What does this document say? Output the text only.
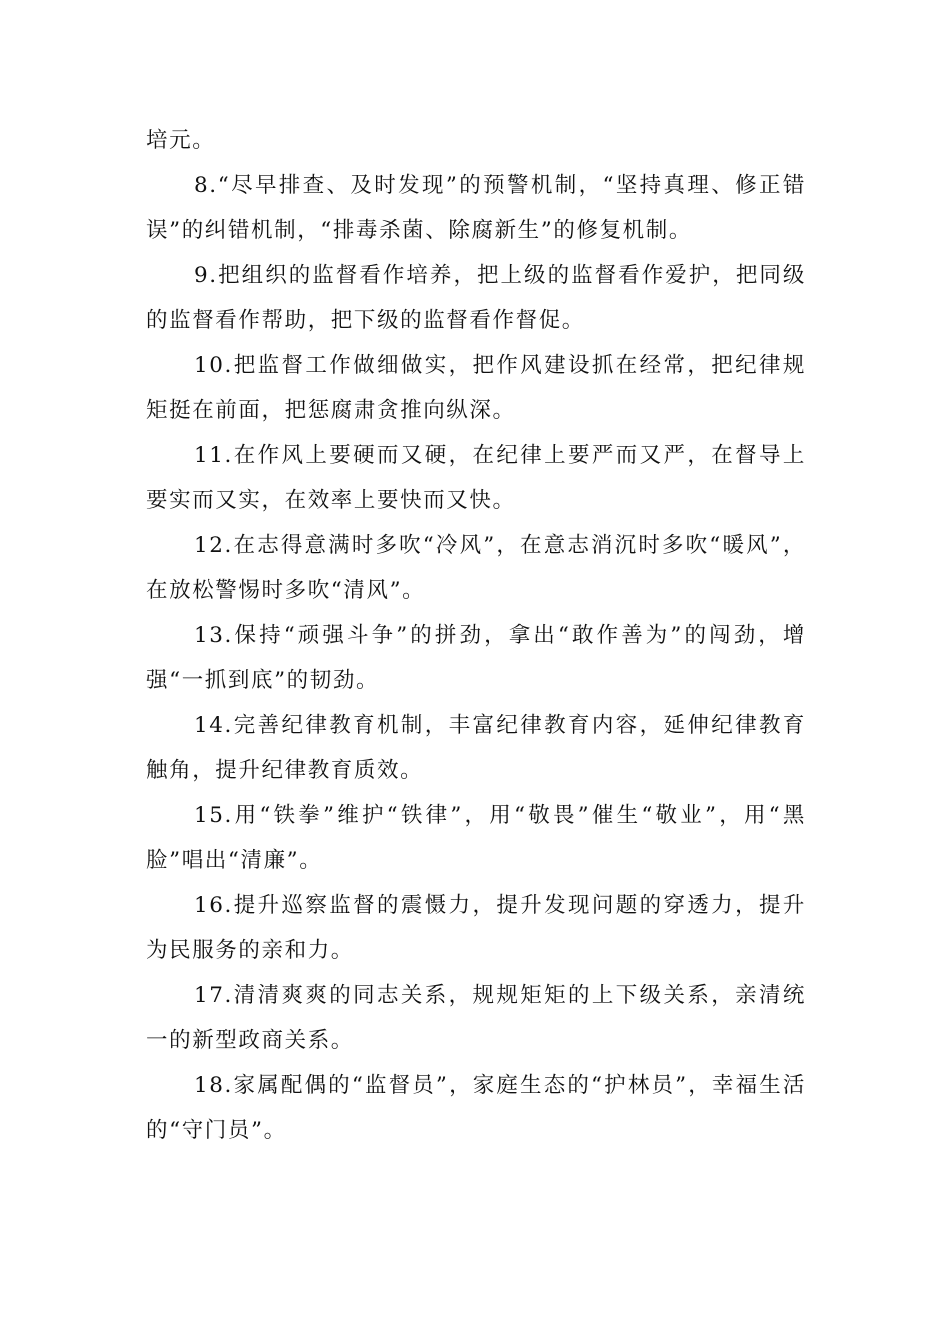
培元。

8.“尽早排查、及时发现”的预警机制，“坚持真理、修正错误”的纠错机制，“排毒杀菌、除腐新生”的修复机制。

9.把组织的监督看作培养，把上级的监督看作爱护，把同级的监督看作帮助，把下级的监督看作督促。

10.把监督工作做细做实，把作风建设抓在经常，把纪律规矩挺在前面，把惩腐肃贪推向纵深。

11.在作风上要硬而又硬，在纪律上要严而又严，在督导上要实而又实，在效率上要快而又快。

12.在志得意满时多吹“冷风”，在意志消沉时多吹“暖风”，在放松警惕时多吹“清风”。

13.保持“顽强斗争”的拼劲，拿出“敢作善为”的闯劲，增强“一抓到底”的韧劲。

14.完善纪律教育机制，丰富纪律教育内容，延伸纪律教育触角，提升纪律教育质效。

15.用“铁拳”维护“铁律”，用“敬畏”催生“敬业”，用“黑脸”唱出“清廉”。

16.提升巡察监督的震慑力，提升发现问题的穿透力，提升为民服务的亲和力。

17.清清爽爽的同志关系，规规矩矩的上下级关系，亲清统一的新型政商关系。

18.家属配偶的“监督员”，家庭生态的“护林员”，幸福生活的“守门员”。
